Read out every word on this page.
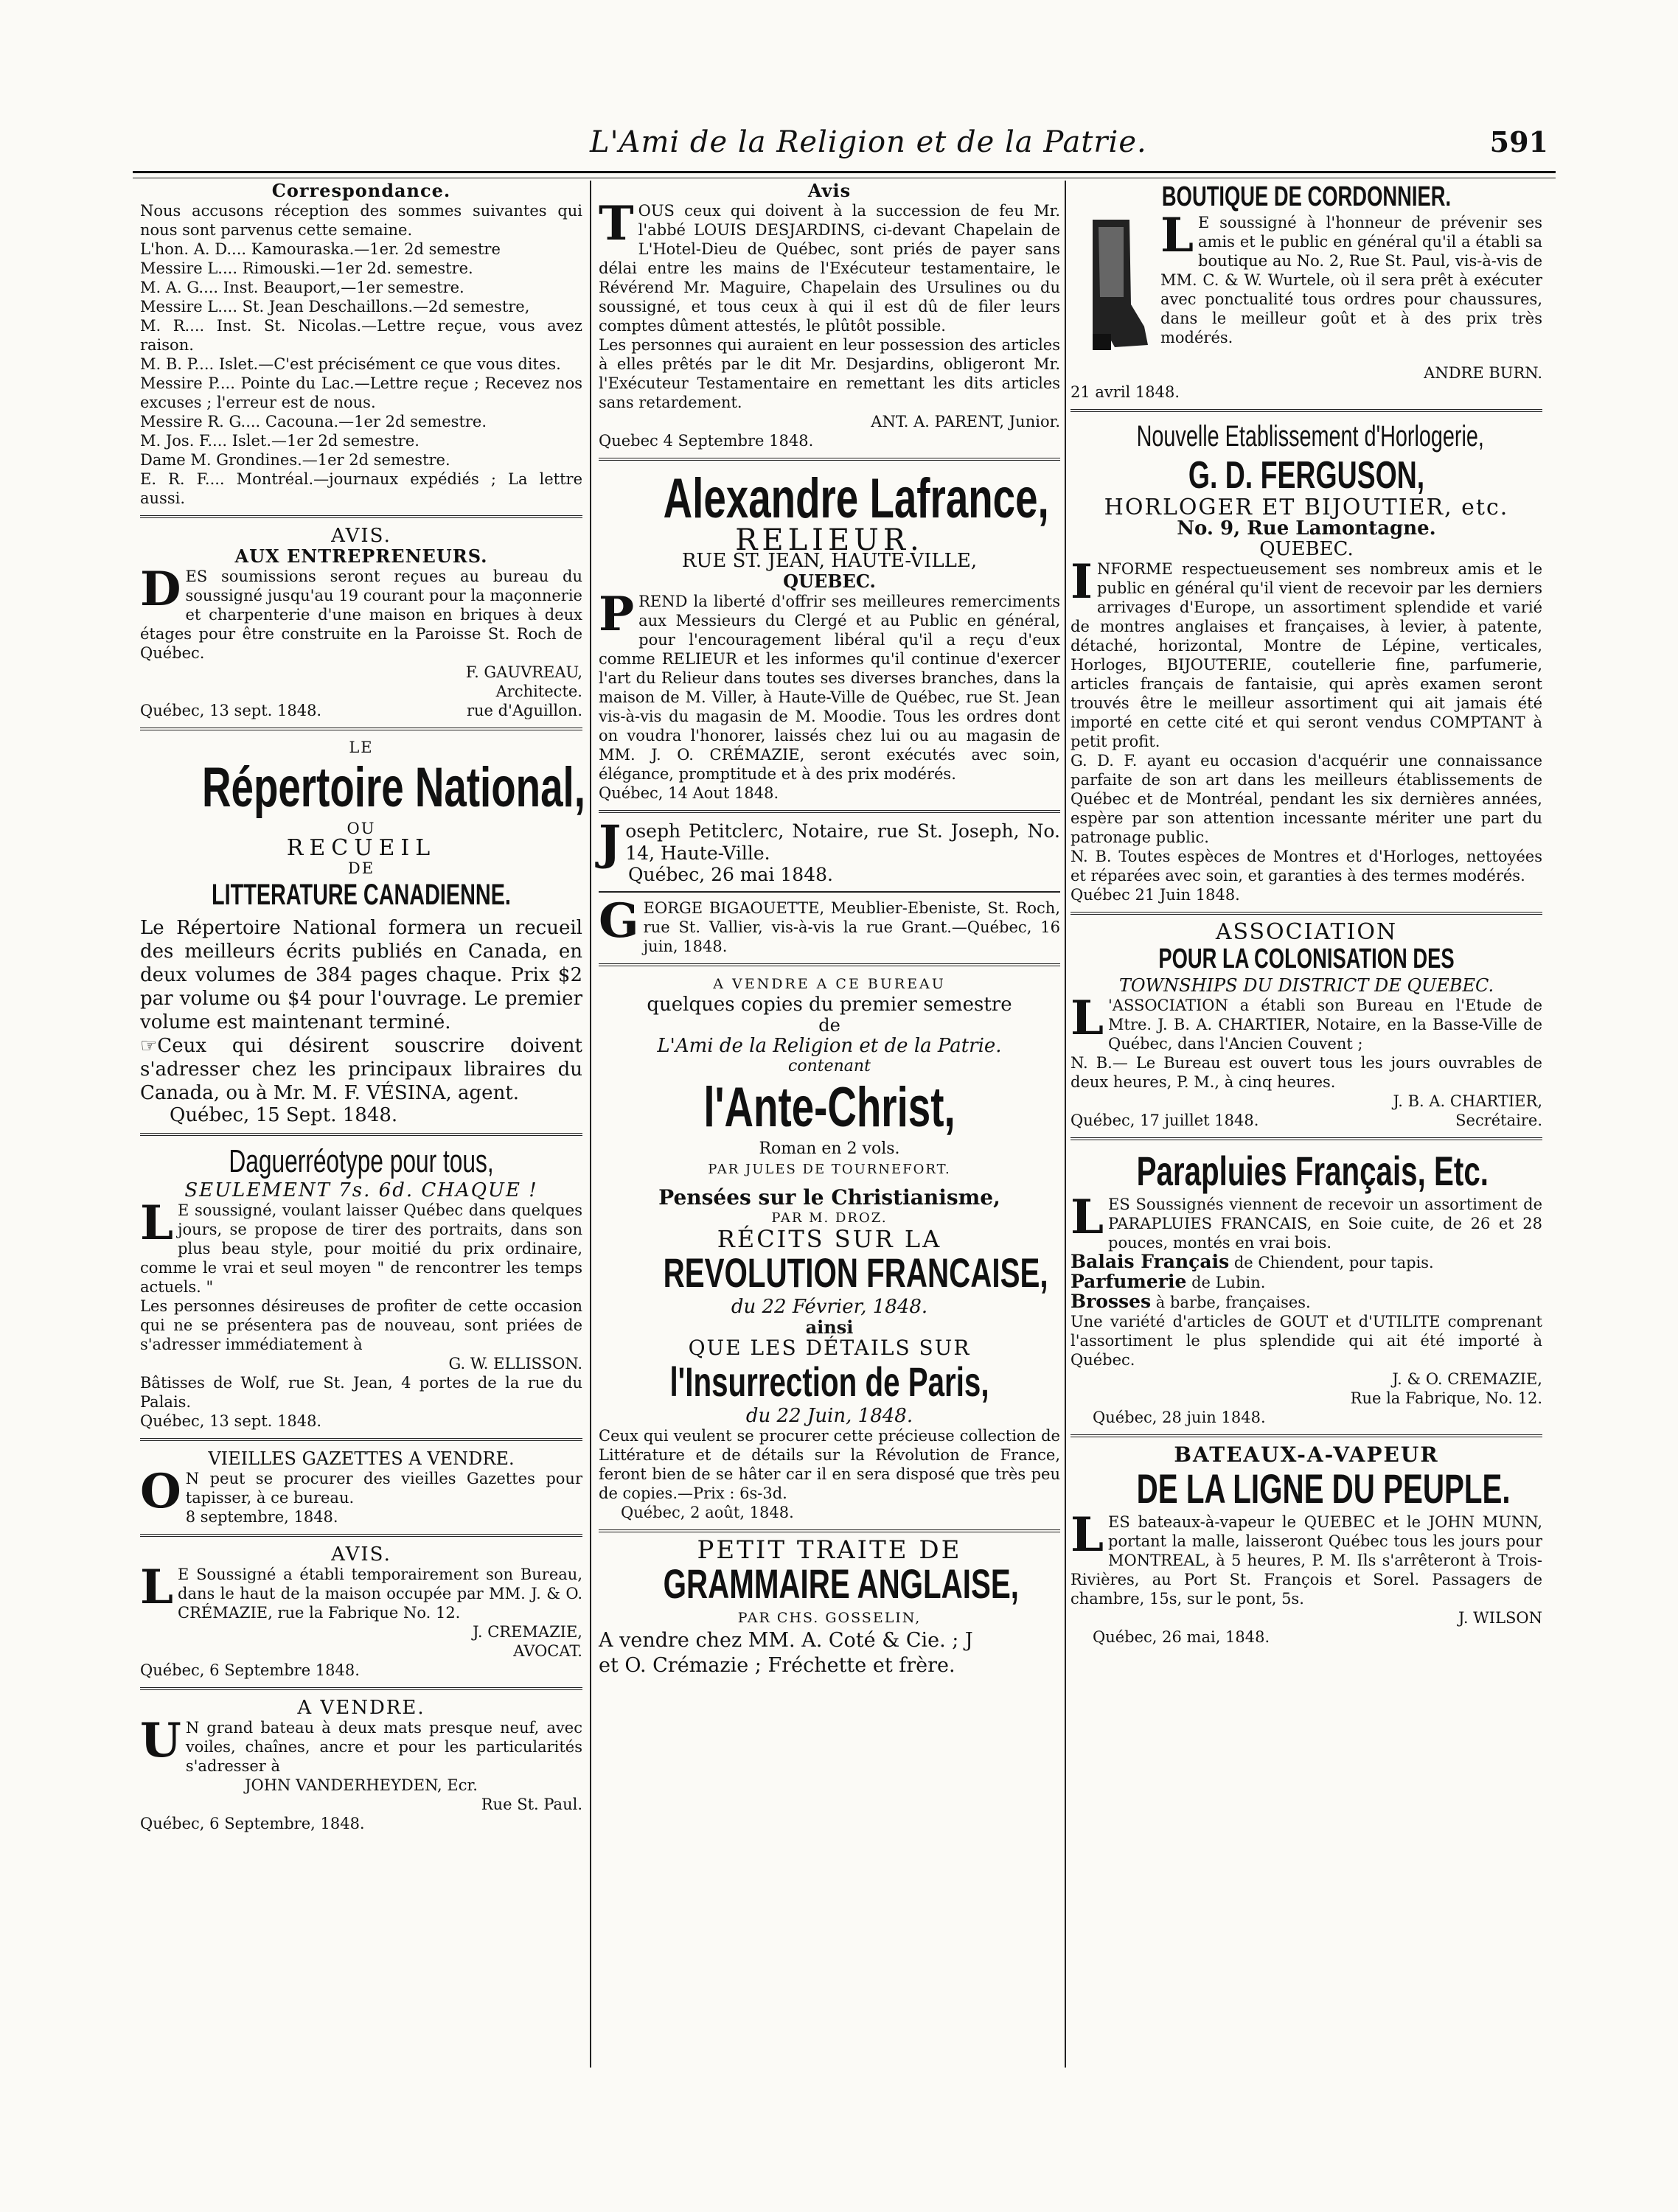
L'Ami de la Religion et de la Patrie.	591
Correspondance.

Nous accusons réception des sommes suivantes qui nous sont parvenus cette semaine.

L'hon. A. D.... Kamouraska.—1er. 2d semestre

Messire L.... Rimouski.—1er 2d. semestre.

M. A. G.... Inst. Beauport,—1er semestre.

Messire L.... St. Jean Deschaillons.—2d semestre,

M. R.... Inst. St. Nicolas.—Lettre reçue, vous avez raison.

M. B. P.... Islet.—C'est précisément ce que vous dites.

Messire P.... Pointe du Lac.—Lettre reçue ; Recevez nos excuses ; l'erreur est de nous.

Messire R. G.... Cacouna.—1er 2d semestre.

M. Jos. F.... Islet.—1er 2d semestre.

Dame M. Grondines.—1er 2d semestre.

E. R. F.... Montréal.—journaux expédiés ; La lettre aussi.

AVIS.
AUX ENTREPRENEURS.

DES soumissions seront reçues au bureau du soussigné jusqu'au 19 courant pour la maçonnerie et charpenterie d'une maison en briques à deux étages pour être construite en la Paroisse St. Roch de Québec.

F. GAUVREAU,
Architecte.
Québec, 13 sept. 1848.	rue d'Aguillon.
LE
Répertoire National,
OU
RECUEIL
DE
LITTERATURE CANADIENNE.

Le Répertoire National formera un recueil des meilleurs écrits publiés en Canada, en deux volumes de 384 pages chaque. Prix $2 par volume ou $4 pour l'ouvrage. Le premier volume est maintenant terminé.

☞Ceux qui désirent souscrire doivent s'adresser chez les principaux libraires du Canada, ou à Mr. M. F. VÉSINA, agent.

Québec, 15 Sept. 1848.
Daguerréotype pour tous,
SEULEMENT 7s. 6d. CHAQUE !

L E soussigné, voulant laisser Québec dans quelques jours, se propose de tirer des portraits, dans son plus beau style, pour moitié du prix ordinaire, comme le vrai et seul moyen " de rencontrer les temps actuels. "

Les personnes désireuses de profiter de cette occasion qui ne se présentera pas de nouveau, sont priées de s'adresser immédiatement à

G. W. ELLISSON.

Bâtisses de Wolf, rue St. Jean, 4 portes de la rue du Palais.

Québec, 13 sept. 1848.
VIEILLES GAZETTES A VENDRE.

O N peut se procurer des vieilles Gazettes pour tapisser, à ce bureau.

8 septembre, 1848.
AVIS.

L E Soussigné a établi temporairement son Bureau, dans le haut de la maison occupée par MM. J. & O. CRÉMAZIE, rue la Fabrique No. 12.

J. CREMAZIE,
AVOCAT.
Québec, 6 Septembre 1848.
A VENDRE.

U N grand bateau à deux mats presque neuf, avec voiles, chaînes, ancre et pour les particularités s'adresser à

JOHN VANDERHEYDEN, Ecr.
Rue St. Paul.
Québec, 6 Septembre, 1848.
Avis

TOUS ceux qui doivent à la succession de feu Mr. l'abbé LOUIS DESJARDINS, ci-devant Chapelain de L'Hotel-Dieu de Québec, sont priés de payer sans délai entre les mains de l'Exécuteur testamentaire, le Révérend Mr. Maguire, Chapelain des Ursulines ou du soussigné, et tous ceux à qui il est dû de filer leurs comptes dûment attestés, le plûtôt possible.

Les personnes qui auraient en leur possession des articles à elles prêtés par le dit Mr. Desjardins, obligeront Mr. l'Exécuteur Testamentaire en remettant les dits articles sans retardement.

ANT. A. PARENT, Junior.
Quebec 4 Septembre 1848.
Alexandre Lafrance,
RELIEUR.
RUE ST. JEAN, HAUTE-VILLE,
QUEBEC.

PREND la liberté d'offrir ses meilleures remerciments aux Messieurs du Clergé et au Public en général, pour l'encouragement libéral qu'il a reçu d'eux comme RELIEUR et les informes qu'il continue d'exercer l'art du Relieur dans toutes ses diverses branches, dans la maison de M. Viller, à Haute-Ville de Québec, rue St. Jean vis-à-vis du magasin de M. Moodie. Tous les ordres dont on voudra l'honorer, laissés chez lui ou au magasin de MM. J. O. CRÉMAZIE, seront exécutés avec soin, élégance, promptitude et à des prix modérés.

Québec, 14 Aout 1848.

Joseph Petitclerc, Notaire, rue St. Joseph, No. 14, Haute-Ville.

Québec, 26 mai 1848.

GEORGE BIGAOUETTE, Meublier-Ebeniste, St. Roch, rue St. Vallier, vis-à-vis la rue Grant.—Québec, 16 juin, 1848.

A VENDRE A CE BUREAU
quelques copies du premier semestre
de
L'Ami de la Religion et de la Patrie.
contenant
l'Ante-Christ,
Roman en 2 vols.
PAR JULES DE TOURNEFORT.
Pensées sur le Christianisme,
PAR M. DROZ.
RÉCITS SUR LA
REVOLUTION FRANCAISE,
du 22 Février, 1848.
ainsi
QUE LES DÉTAILS SUR
l'Insurrection de Paris,
du 22 Juin, 1848.

Ceux qui veulent se procurer cette précieuse collection de Littérature et de détails sur la Révolution de France, feront bien de se hâter car il en sera disposé que très peu de copies.—Prix : 6s-3d.

Québec, 2 août, 1848.
PETIT TRAITE DE
GRAMMAIRE ANGLAISE,
PAR CHS. GOSSELIN,
A vendre chez MM. A. Coté & Cie. ; J
et O. Crémazie ; Fréchette et frère.
BOUTIQUE DE CORDONNIER.

L E soussigné à l'honneur de prévenir ses amis et le public en général qu'il a établi sa boutique au No. 2, Rue St. Paul, vis-à-vis de MM. C. & W. Wurtele, où il sera prêt à exécuter avec ponctualité tous ordres pour chaussures, dans le meilleur goût et à des prix très modérés.

ANDRE BURN.
21 avril 1848.
Nouvelle Etablissement d'Horlogerie,
G. D. FERGUSON,
HORLOGER ET BIJOUTIER, etc.
No. 9, Rue Lamontagne.
QUEBEC.

INFORME respectueusement ses nombreux amis et le public en général qu'il vient de recevoir par les derniers arrivages d'Europe, un assortiment splendide et varié de montres anglaises et françaises, à levier, à patente, détaché, horizontal, Montre de Lépine, verticales, Horloges, BIJOUTERIE, coutellerie fine, parfumerie, articles français de fantaisie, qui après examen seront trouvés être le meilleur assortiment qui ait jamais été importé en cette cité et qui seront vendus COMPTANT à petit profit.

G. D. F. ayant eu occasion d'acquérir une connaissance parfaite de son art dans les meilleurs établissements de Québec et de Montréal, pendant les six dernières années, espère par son attention incessante mériter une part du patronage public.

N. B. Toutes espèces de Montres et d'Horloges, nettoyées et réparées avec soin, et garanties à des termes modérés.

Québec 21 Juin 1848.
ASSOCIATION
POUR LA COLONISATION DES
TOWNSHIPS DU DISTRICT DE QUEBEC.

L 'ASSOCIATION a établi son Bureau en l'Etude de Mtre. J. B. A. CHARTIER, Notaire, en la Basse-Ville de Québec, dans l'Ancien Couvent ;

N. B.— Le Bureau est ouvert tous les jours ouvrables de deux heures, P. M., à cinq heures.

J. B. A. CHARTIER,
Québec, 17 juillet 1848.	Secrétaire.
Parapluies Français, Etc.

LES Soussignés viennent de recevoir un assortiment de PARAPLUIES FRANCAIS, en Soie cuite, de 26 et 28 pouces, montés en vrai bois.

Balais Français de Chiendent, pour tapis.
Parfumerie de Lubin.
Brosses à barbe, françaises.

Une variété d'articles de GOUT et d'UTILITE comprenant l'assortiment le plus splendide qui ait été importé à Québec.

J. & O. CREMAZIE,
Rue la Fabrique, No. 12.
Québec, 28 juin 1848.
BATEAUX-A-VAPEUR
DE LA LIGNE DU PEUPLE.

LES bateaux-à-vapeur le QUEBEC et le JOHN MUNN, portant la malle, laisseront Québec tous les jours pour MONTREAL, à 5 heures, P. M. Ils s'arrêteront à Trois-Rivières, au Port St. François et Sorel. Passagers de chambre, 15s, sur le pont, 5s.

J. WILSON
Québec, 26 mai, 1848.
